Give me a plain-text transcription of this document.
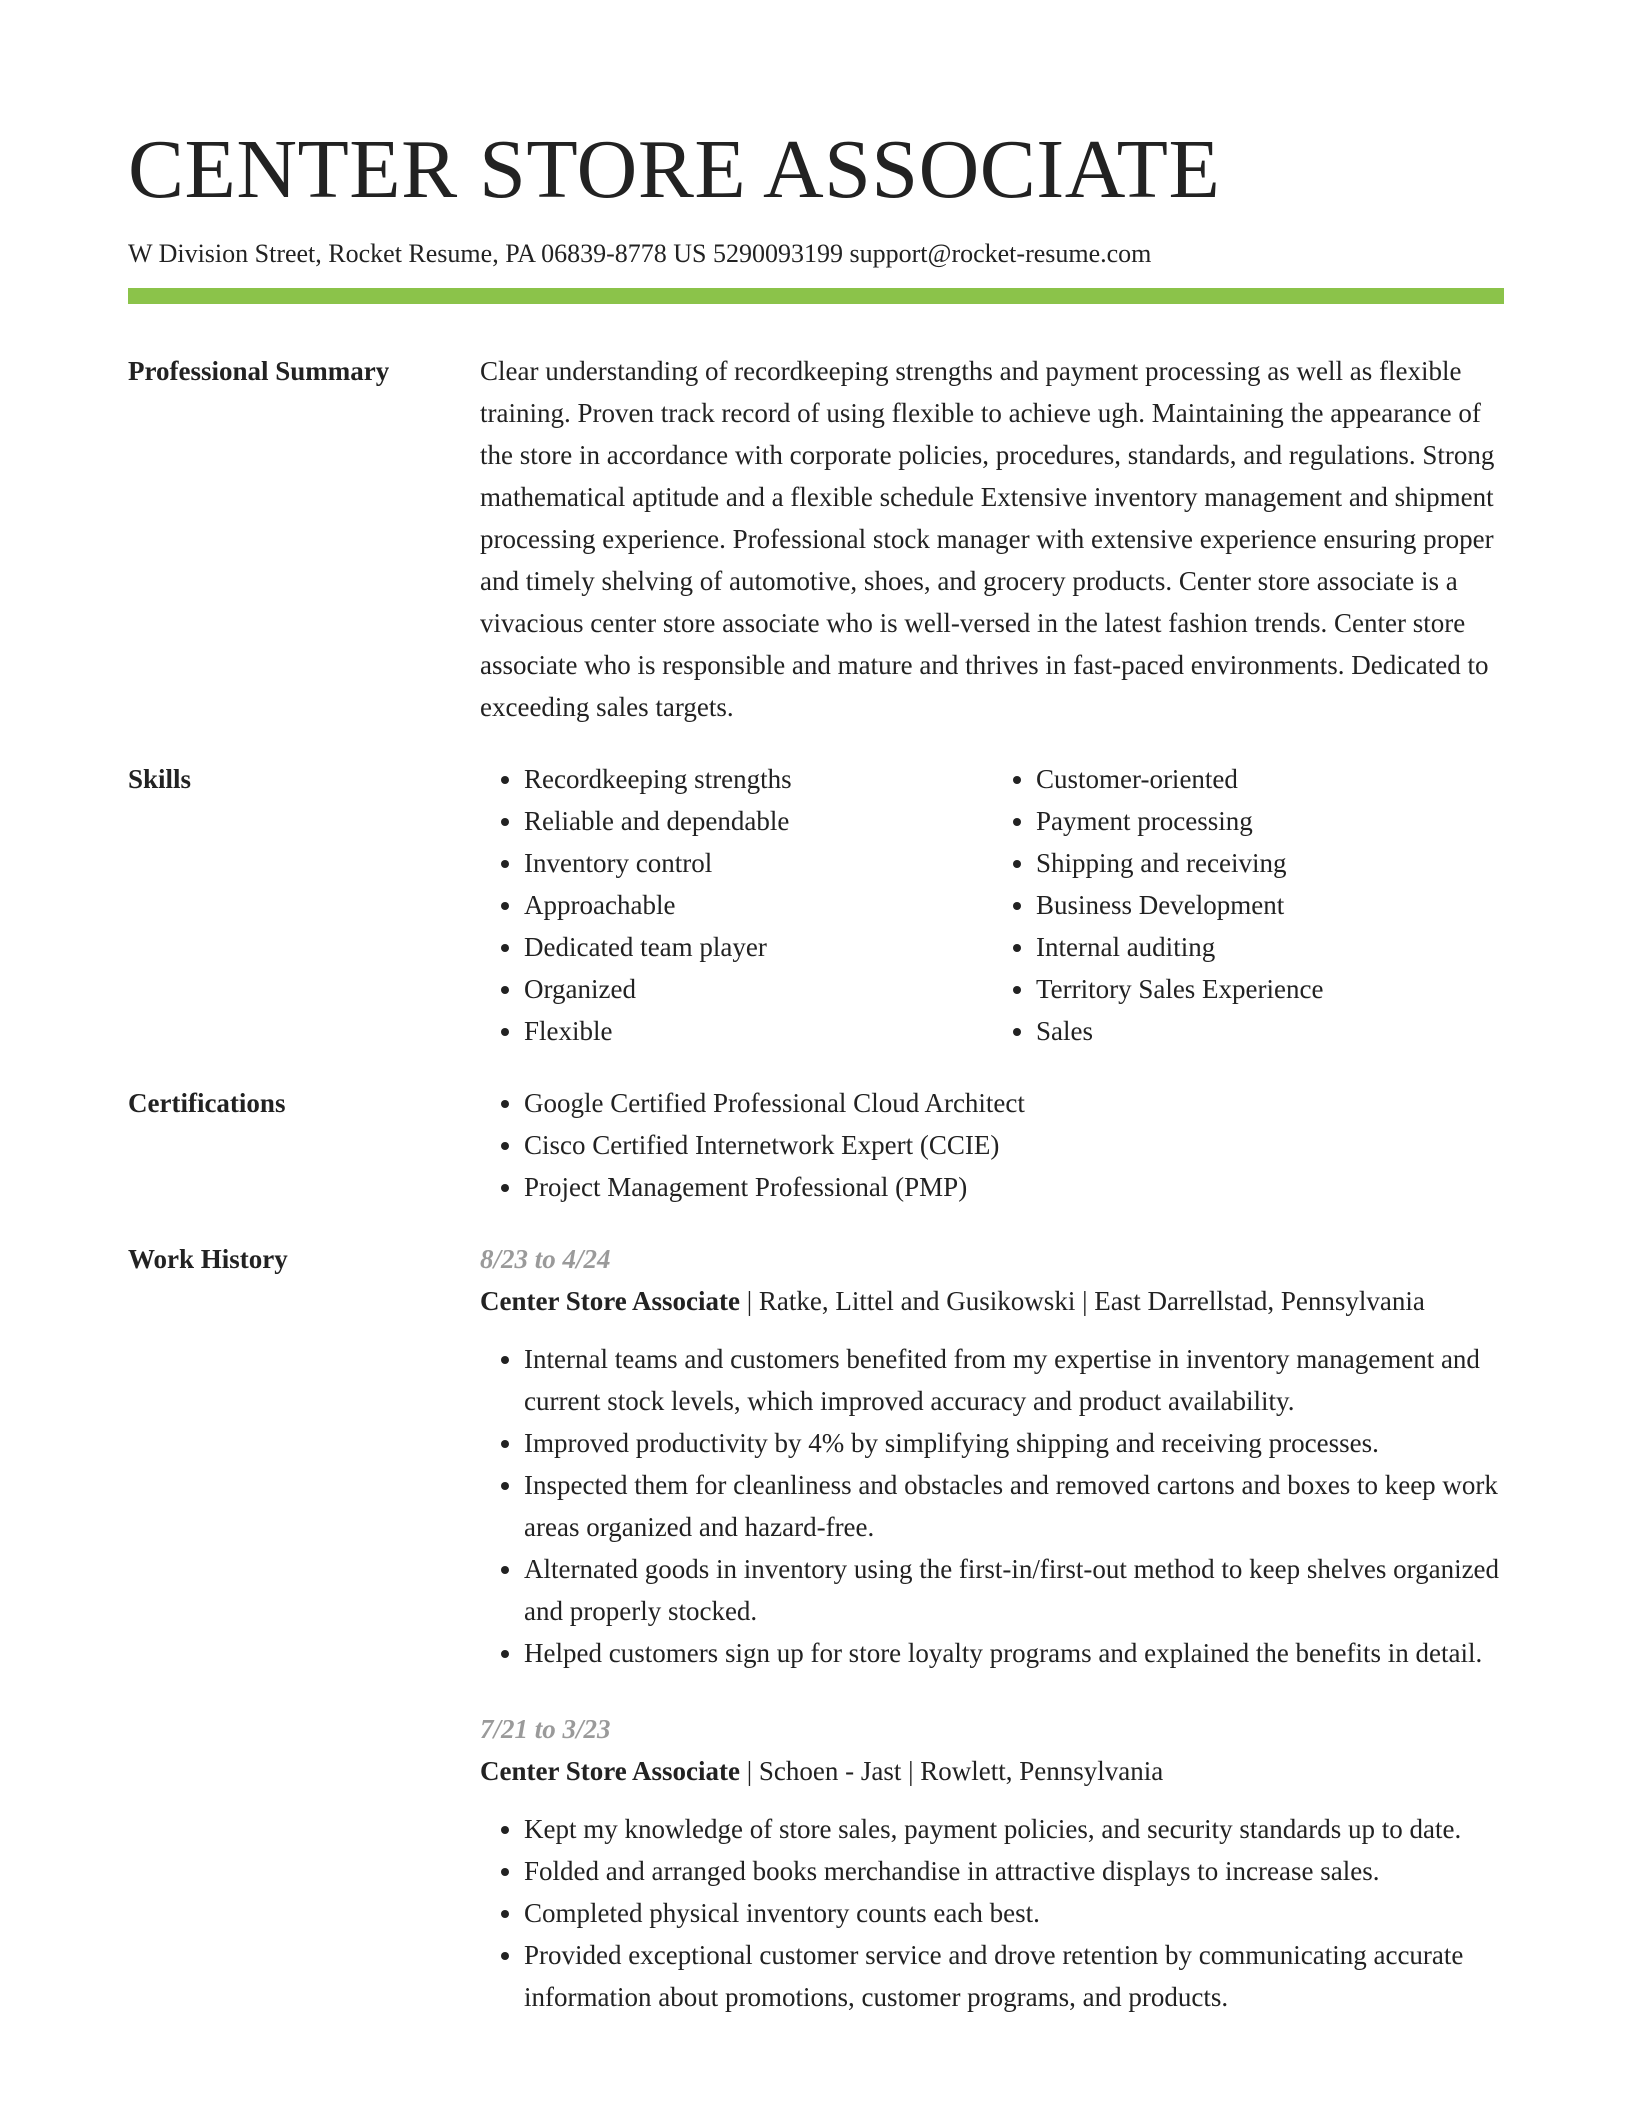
CENTER STORE ASSOCIATE
W Division Street, Rocket Resume, PA 06839-8778 US 5290093199 support@rocket-resume.com
Professional Summary	Clear understanding of recordkeeping strengths and payment processing as well as flexible training. Proven track record of using flexible to achieve ugh. Maintaining the appearance of the store in accordance with corporate policies, procedures, standards, and regulations. Strong mathematical aptitude and a flexible schedule Extensive inventory management and shipment processing experience. Professional stock manager with extensive experience ensuring proper and timely shelving of automotive, shoes, and grocery products. Center store associate is a vivacious center store associate who is well-versed in the latest fashion trends. Center store associate who is responsible and mature and thrives in fast-paced environments. Dedicated to exceeding sales targets.

Skills	• Recordkeeping strengths
• Reliable and dependable
• Inventory control
• Approachable
• Dedicated team player
• Organized
• Flexible
• Customer-oriented
• Payment processing
• Shipping and receiving
• Business Development
• Internal auditing
• Territory Sales Experience
• Sales
Certifications	• Google Certified Professional Cloud Architect
• Cisco Certified Internetwork Expert (CCIE)
• Project Management Professional (PMP)
Work History	8/23 to 4/24
Center Store Associate | Ratke, Littel and Gusikowski | East Darrellstad, Pennsylvania
• Internal teams and customers benefited from my expertise in inventory management and current stock levels, which improved accuracy and product availability.
• Improved productivity by 4% by simplifying shipping and receiving processes.
• Inspected them for cleanliness and obstacles and removed cartons and boxes to keep work areas organized and hazard-free.
• Alternated goods in inventory using the first-in/first-out method to keep shelves organized and properly stocked.
• Helped customers sign up for store loyalty programs and explained the benefits in detail.
7/21 to 3/23
Center Store Associate | Schoen - Jast | Rowlett, Pennsylvania
• Kept my knowledge of store sales, payment policies, and security standards up to date.
• Folded and arranged books merchandise in attractive displays to increase sales.
• Completed physical inventory counts each best.
• Provided exceptional customer service and drove retention by communicating accurate information about promotions, customer programs, and products.
